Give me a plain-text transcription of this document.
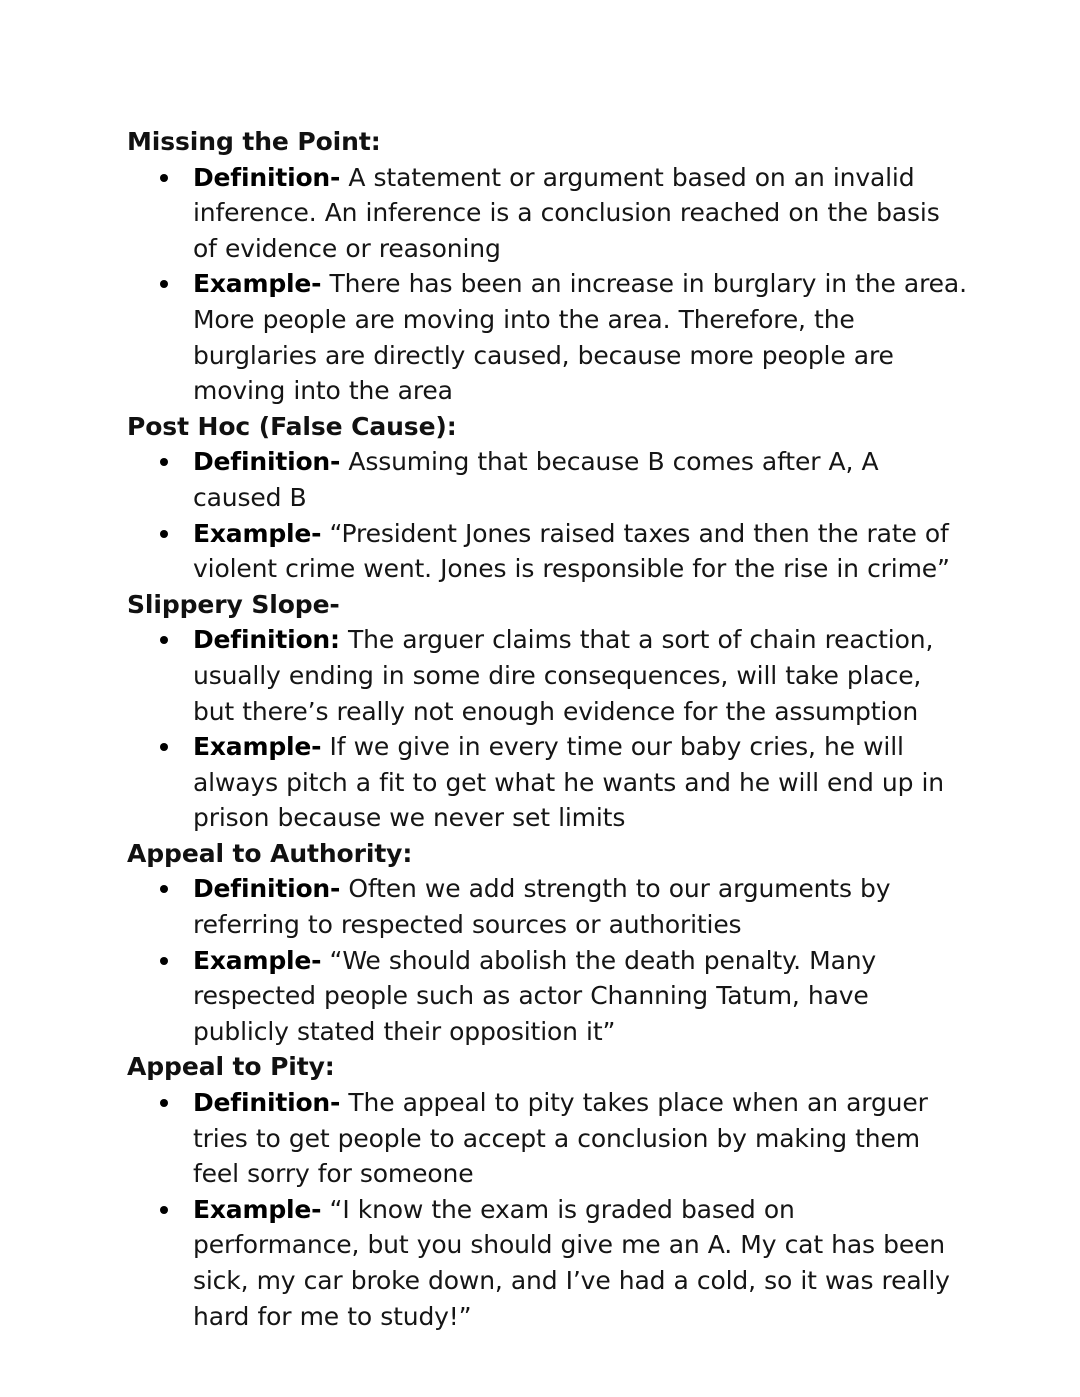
Missing the Point:
Definition- A statement or argument based on an invalid inference. An inference is a conclusion reached on the basis of evidence or reasoning
Example- There has been an increase in burglary in the area. More people are moving into the area. Therefore, the burglaries are directly caused, because more people are moving into the area
Post Hoc (False Cause):
Definition- Assuming that because B comes after A, A caused B
Example- “President Jones raised taxes and then the rate of violent crime went. Jones is responsible for the rise in crime”
Slippery Slope-
Definition: The arguer claims that a sort of chain reaction, usually ending in some dire consequences, will take place, but there’s really not enough evidence for the assumption
Example- If we give in every time our baby cries, he will always pitch a fit to get what he wants and he will end up in prison because we never set limits
Appeal to Authority:
Definition- Often we add strength to our arguments by referring to respected sources or authorities
Example- “We should abolish the death penalty. Many respected people such as actor Channing Tatum, have publicly stated their opposition it”
Appeal to Pity:
Definition- The appeal to pity takes place when an arguer tries to get people to accept a conclusion by making them feel sorry for someone
Example- “I know the exam is graded based on performance, but you should give me an A. My cat has been sick, my car broke down, and I’ve had a cold, so it was really hard for me to study!”
